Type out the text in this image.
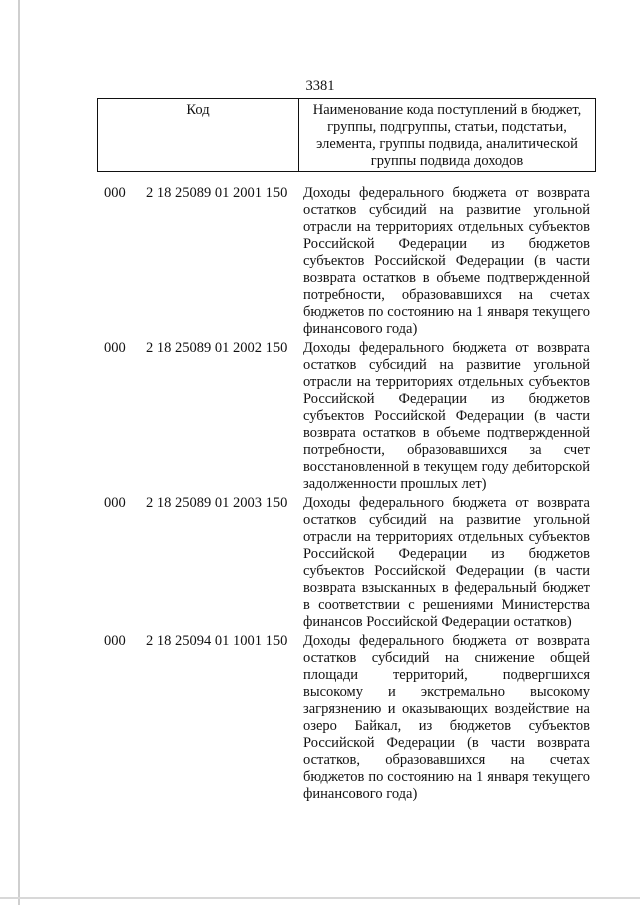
3381
Код	Наименование кода поступлений в бюджет, группы, подгруппы, статьи, подстатьи, элемента, группы подвида, аналитической группы подвида доходов
000 2 18 25089 01 2001 150 Доходы федерального бюджета от возврата остатков субсидий на развитие угольной отрасли на территориях отдельных субъектов Российской Федерации из бюджетов субъектов Российской Федерации (в части возврата остатков в объеме подтвержденной потребности, образовавшихся на счетах бюджетов по состоянию на 1 января текущего финансового года)
000 2 18 25089 01 2002 150 Доходы федерального бюджета от возврата остатков субсидий на развитие угольной отрасли на территориях отдельных субъектов Российской Федерации из бюджетов субъектов Российской Федерации (в части возврата остатков в объеме подтвержденной потребности, образовавшихся за счет восстановленной в текущем году дебиторской задолженности прошлых лет)
000 2 18 25089 01 2003 150 Доходы федерального бюджета от возврата остатков субсидий на развитие угольной отрасли на территориях отдельных субъектов Российской Федерации из бюджетов субъектов Российской Федерации (в части возврата взысканных в федеральный бюджет в соответствии с решениями Министерства финансов Российской Федерации остатков)
000 2 18 25094 01 1001 150 Доходы федерального бюджета от возврата остатков субсидий на снижение общей площади территорий, подвергшихся высокому и экстремально высокому загрязнению и оказывающих воздействие на озеро Байкал, из бюджетов субъектов Российской Федерации (в части возврата остатков, образовавшихся на счетах бюджетов по состоянию на 1 января текущего финансового года)
